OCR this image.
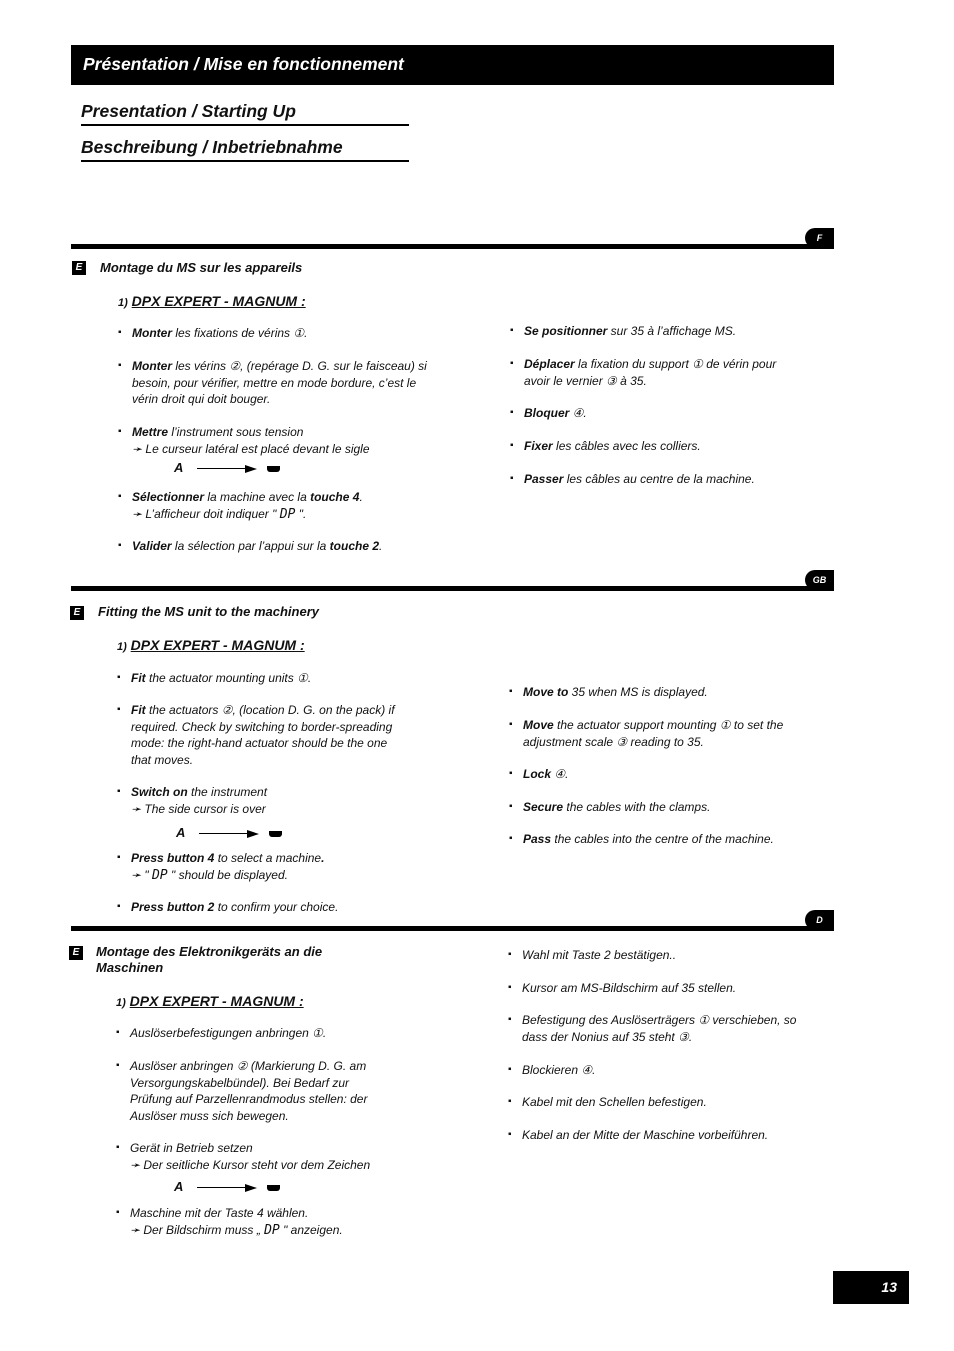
Présentation / Mise en fonctionnement
Presentation / Starting Up
Beschreibung / Inbetriebnahme
F
E Montage du MS sur les appareils
1) DPX EXPERT - MAGNUM :
▪ Monter les fixations de vérins ①.
▪ Monter les vérins ②, (repérage D. G. sur le faisceau) si besoin, pour vérifier, mettre en mode bordure, c’est le vérin droit qui doit bouger.
▪ Mettre l’instrument sous tension
➛ Le curseur latéral est placé devant le sigle
A
▪ Sélectionner la machine avec la touche 4.
➛ L’afficheur doit indiquer " DP ".
▪ Valider la sélection par l’appui sur la touche 2.
▪ Se positionner sur 35 à l’affichage MS.
▪ Déplacer la fixation du support ① de vérin pour avoir le vernier ③ à 35.
▪ Bloquer ④.
▪ Fixer les câbles avec les colliers.
▪ Passer les câbles au centre de la machine.
GB
E Fitting the MS unit to the machinery
1) DPX EXPERT - MAGNUM :
▪ Fit the actuator mounting units ①.
▪ Fit the actuators ②, (location D. G. on the pack) if required. Check by switching to border-spreading mode: the right-hand actuator should be the one that moves.
▪ Switch on the instrument
➛ The side cursor is over
A
▪ Press button 4 to select a machine.
➛ " DP " should be displayed.
▪ Press button 2 to confirm your choice.
▪ Move to 35 when MS is displayed.
▪ Move the actuator support mounting ① to set the adjustment scale ③ reading to 35.
▪ Lock ④.
▪ Secure the cables with the clamps.
▪ Pass the cables into the centre of the machine.
D
E Montage des Elektronikgeräts an die Maschinen
1) DPX EXPERT - MAGNUM :
▪ Auslöserbefestigungen anbringen ①.
▪ Auslöser anbringen ② (Markierung D. G. am Versorgungskabelbündel). Bei Bedarf zur Prüfung auf Parzellenrandmodus stellen: der Auslöser muss sich bewegen.
▪ Gerät in Betrieb setzen
➛ Der seitliche Kursor steht vor dem Zeichen
A
▪ Maschine mit der Taste 4 wählen.
➛ Der Bildschirm muss „ DP " anzeigen.
▪ Wahl mit Taste 2 bestätigen..
▪ Kursor am MS-Bildschirm auf 35 stellen.
▪ Befestigung des Auslöserträgers ① verschieben, so dass der Nonius auf 35 steht ③.
▪ Blockieren ④.
▪ Kabel mit den Schellen befestigen.
▪ Kabel an der Mitte der Maschine vorbeiführen.
13
